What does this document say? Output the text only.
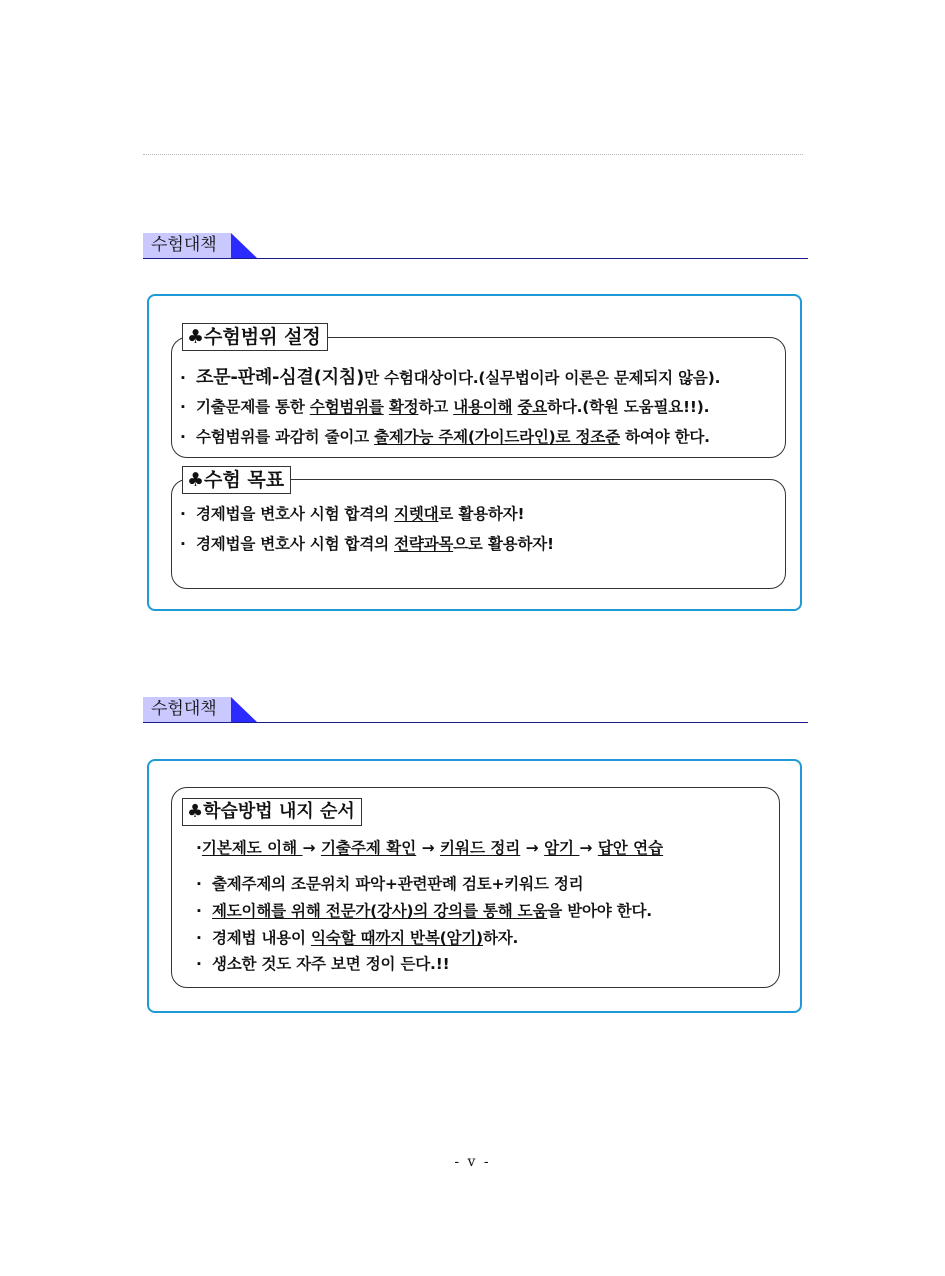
수험대책
· 조문-판례-심결(지침)만 수험대상이다.(실무법이라 이론은 문제되지 않음).
· 기출문제를 통한 수험범위를 확정하고 내용이해 중요하다.(학원 도움필요!!).
· 수험범위를 과감히 줄이고 출제가능 주제(가이드라인)로 정조준 하여야 한다.
♣수험범위 설정
· 경제법을 변호사 시험 합격의 지렛대로 활용하자!
· 경제법을 변호사 시험 합격의 전략과목으로 활용하자!
♣수험 목표
수험대책
♣학습방법 내지 순서
·기본제도 이해 → 기출주제 확인 → 키워드 정리 → 암기 → 답안 연습
· 출제주제의 조문위치 파악+관련판례 검토+키워드 정리
· 제도이해를 위해 전문가(강사)의 강의를 통해 도움을 받아야 한다.
· 경제법 내용이 익숙할 때까지 반복(암기)하자.
· 생소한 것도 자주 보면 정이 든다.!!
- v -
